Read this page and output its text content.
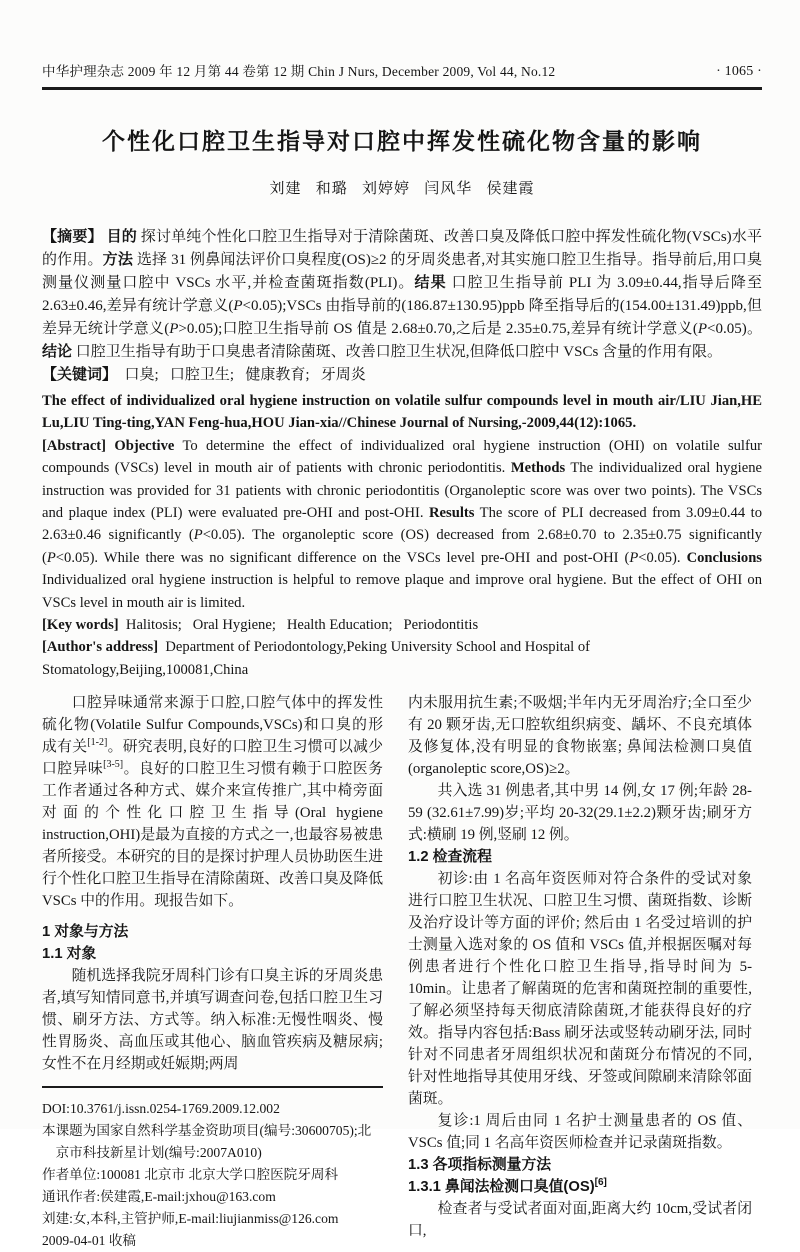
中华护理杂志 2009 年 12 月第 44 卷第 12 期 Chin J Nurs, December 2009, Vol 44, No.12	· 1065 ·
个性化口腔卫生指导对口腔中挥发性硫化物含量的影响
刘建   和璐   刘婷婷   闫风华   侯建霞

【摘要】 目的 探讨单纯个性化口腔卫生指导对于清除菌斑、改善口臭及降低口腔中挥发性硫化物(VSCs)水平的作用。方法 选择 31 例鼻闻法评价口臭程度(OS)≥2 的牙周炎患者,对其实施口腔卫生指导。指导前后,用口臭测量仪测量口腔中 VSCs 水平,并检查菌斑指数(PLI)。结果 口腔卫生指导前 PLI 为 3.09±0.44,指导后降至 2.63±0.46,差异有统计学意义(P<0.05);VSCs 由指导前的(186.87±130.95)ppb 降至指导后的(154.00±131.49)ppb,但差异无统计学意义(P>0.05);口腔卫生指导前 OS 值是 2.68±0.70,之后是 2.35±0.75,差异有统计学意义(P<0.05)。结论 口腔卫生指导有助于口臭患者清除菌斑、改善口腔卫生状况,但降低口腔中 VSCs 含量的作用有限。

【关键词】  口臭;   口腔卫生;   健康教育;   牙周炎

The effect of individualized oral hygiene instruction on volatile sulfur compounds level in mouth air/LIU Jian,HE Lu,LIU Ting-ting,YAN Feng-hua,HOU Jian-xia//Chinese Journal of Nursing,-2009,44(12):1065.

[Abstract] Objective To determine the effect of individualized oral hygiene instruction (OHI) on volatile sulfur compounds (VSCs) level in mouth air of patients with chronic periodontitis. Methods The individualized oral hygiene instruction was provided for 31 patients with chronic periodontitis (Organoleptic score was over two points). The VSCs and plaque index (PLI) were evaluated pre-OHI and post-OHI. Results The score of PLI decreased from 3.09±0.44 to 2.63±0.46 significantly (P<0.05). The organoleptic score (OS) decreased from 2.68±0.70 to 2.35±0.75 significantly (P<0.05). While there was no significant difference on the VSCs level pre-OHI and post-OHI (P<0.05). Conclusions Individualized oral hygiene instruction is helpful to remove plaque and improve oral hygiene. But the effect of OHI on VSCs level in mouth air is limited.

[Key words]  Halitosis;   Oral Hygiene;   Health Education;   Periodontitis

[Author's address]  Department of Periodontology,Peking University School and Hospital of Stomatology,Beijing,100081,China

口腔异味通常来源于口腔,口腔气体中的挥发性硫化物(Volatile Sulfur Compounds,VSCs)和口臭的形成有关[1-2]。研究表明,良好的口腔卫生习惯可以减少口腔异味[3-5]。良好的口腔卫生习惯有赖于口腔医务工作者通过各种方式、媒介来宣传推广,其中椅旁面对面的个性化口腔卫生指导(Oral hygiene instruction,OHI)是最为直接的方式之一,也最容易被患者所接受。本研究的目的是探讨护理人员协助医生进行个性化口腔卫生指导在清除菌斑、改善口臭及降低 VSCs 中的作用。现报告如下。

1 对象与方法

1.1 对象

随机选择我院牙周科门诊有口臭主诉的牙周炎患者,填写知情同意书,并填写调查问卷,包括口腔卫生习惯、刷牙方法、方式等。纳入标准:无慢性咽炎、慢性胃肠炎、高血压或其他心、脑血管疾病及糖尿病;女性不在月经期或妊娠期;两周

DOI:10.3761/j.issn.0254-1769.2009.12.002

本课题为国家自然科学基金资助项目(编号:30600705);北京市科技新星计划(编号:2007A010)

作者单位:100081 北京市 北京大学口腔医院牙周科

通讯作者:侯建霞,E-mail:jxhou@163.com

刘建:女,本科,主管护师,E-mail:liujianmiss@126.com

2009-04-01 收稿

内未服用抗生素;不吸烟;半年内无牙周治疗;全口至少有 20 颗牙齿,无口腔软组织病变、龋坏、不良充填体及修复体,没有明显的食物嵌塞; 鼻闻法检测口臭值 (organoleptic score,OS)≥2。

共入选 31 例患者,其中男 14 例,女 17 例;年龄 28-59 (32.61±7.99)岁;平均 20-32(29.1±2.2)颗牙齿;刷牙方式:横刷 19 例,竖刷 12 例。

1.2 检查流程

初诊:由 1 名高年资医师对符合条件的受试对象进行口腔卫生状况、口腔卫生习惯、菌斑指数、诊断及治疗设计等方面的评价; 然后由 1 名受过培训的护士测量入选对象的 OS 值和 VSCs 值,并根据医嘱对每例患者进行个性化口腔卫生指导,指导时间为 5-10min。让患者了解菌斑的危害和菌斑控制的重要性,了解必须坚持每天彻底清除菌斑,才能获得良好的疗效。指导内容包括:Bass 刷牙法或竖转动刷牙法, 同时针对不同患者牙周组织状况和菌斑分布情况的不同,针对性地指导其使用牙线、牙签或间隙刷来清除邻面菌斑。

复诊:1 周后由同 1 名护士测量患者的 OS 值、VSCs 值;同 1 名高年资医师检查并记录菌斑指数。

1.3 各项指标测量方法

1.3.1 鼻闻法检测口臭值(OS)[6]

检查者与受试者面对面,距离大约 10cm,受试者闭口,
